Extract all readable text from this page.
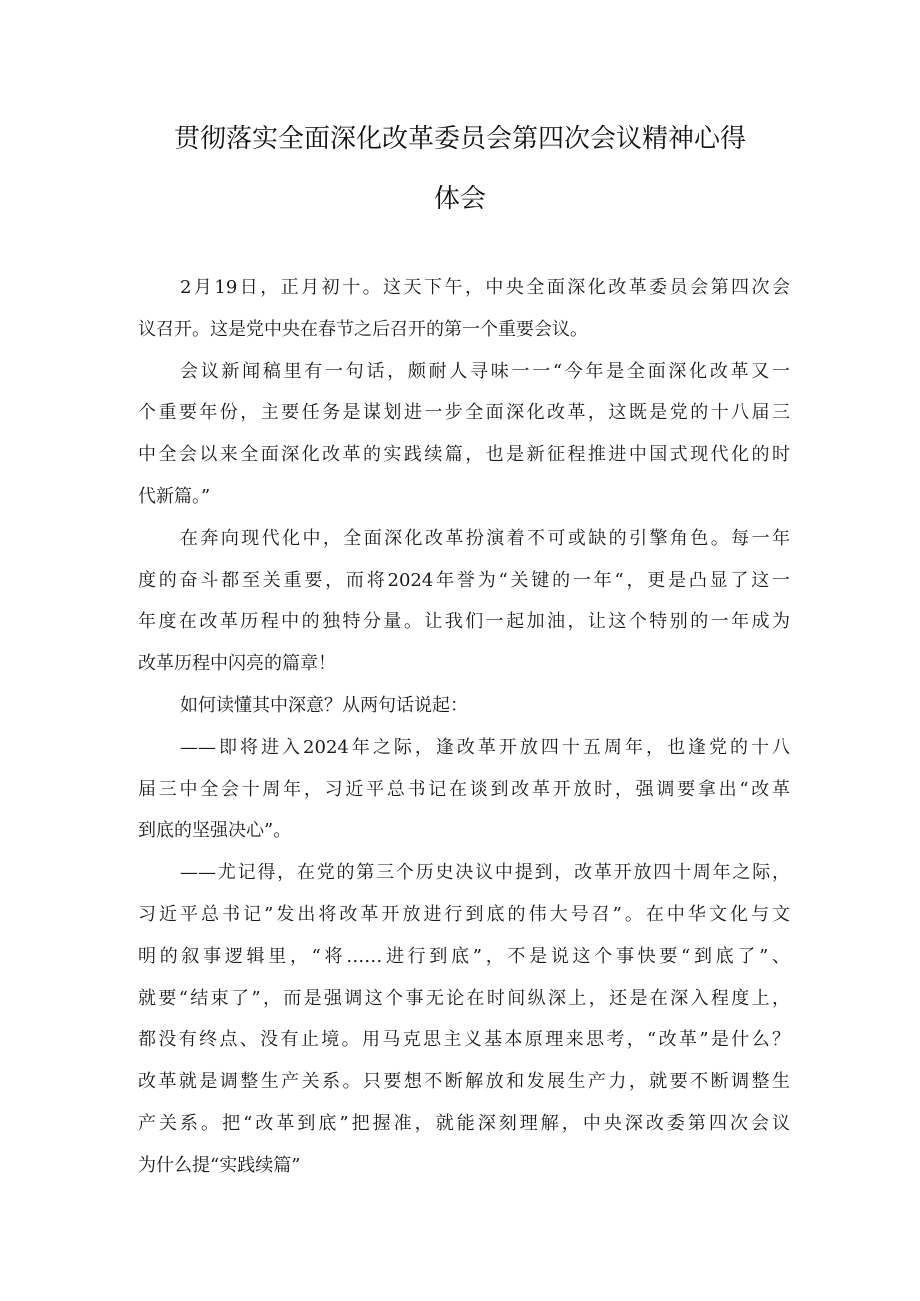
贯彻落实全面深化改革委员会第四次会议精神心得
体会
2月19日，正月初十。这天下午，中央全面深化改革委员会第四次会
议召开。这是党中央在春节之后召开的第一个重要会议。
会议新闻稿里有一句话，颇耐人寻味一一“今年是全面深化改革又一
个重要年份，主要任务是谋划进一步全面深化改革，这既是党的十八届三
中全会以来全面深化改革的实践续篇，也是新征程推进中国式现代化的时
代新篇。”
在奔向现代化中，全面深化改革扮演着不可或缺的引擎角色。每一年
度的奋斗都至关重要，而将2024年誉为“关键的一年“，更是凸显了这一
年度在改革历程中的独特分量。让我们一起加油，让这个特别的一年成为
改革历程中闪亮的篇章！
如何读懂其中深意？从两句话说起：
——即将进入2024年之际，逢改革开放四十五周年，也逢党的十八
届三中全会十周年，习近平总书记在谈到改革开放时，强调要拿出“改革
到底的坚强决心”。
——尤记得，在党的第三个历史决议中提到，改革开放四十周年之际，
习近平总书记”发出将改革开放进行到底的伟大号召”。在中华文化与文
明的叙事逻辑里，“将……进行到底”，不是说这个事快要“到底了”、
就要“结束了”，而是强调这个事无论在时间纵深上，还是在深入程度上，
都没有终点、没有止境。用马克思主义基本原理来思考，“改革”是什么？
改革就是调整生产关系。只要想不断解放和发展生产力，就要不断调整生
产关系。把“改革到底”把握准，就能深刻理解，中央深改委第四次会议
为什么提“实践续篇”
